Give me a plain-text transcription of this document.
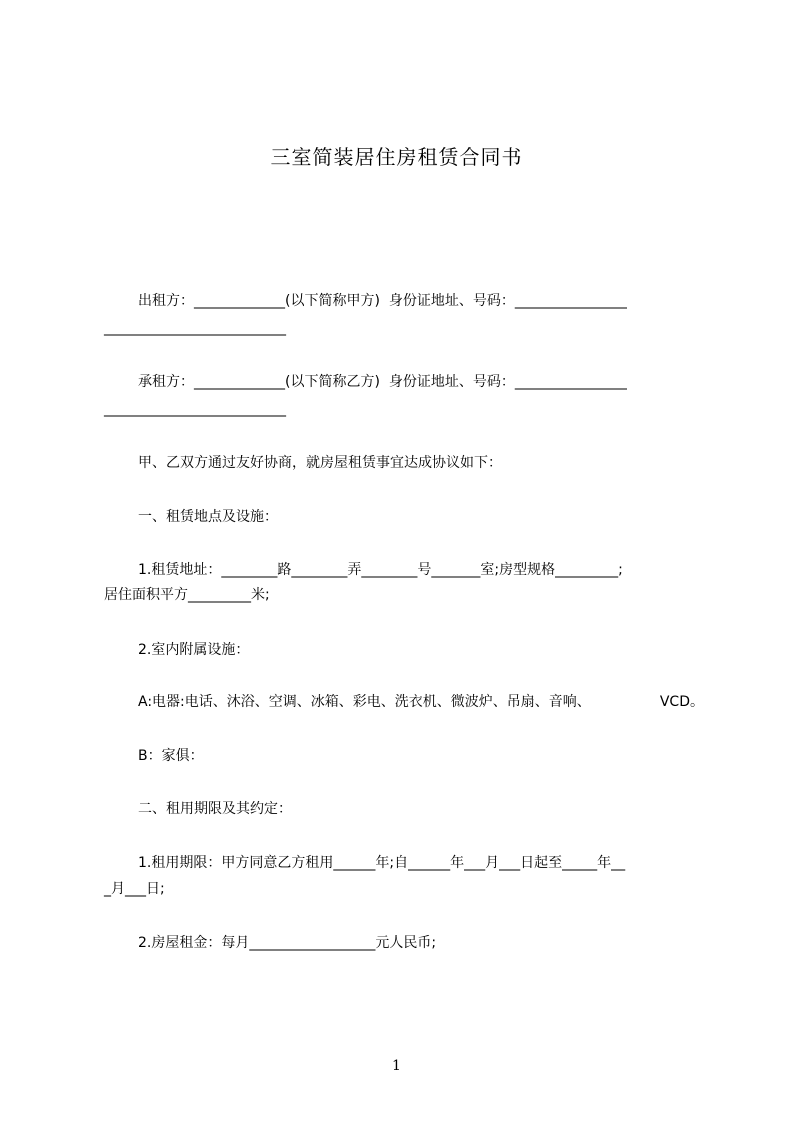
三室简装居住房租赁合同书
出租方：_____________(以下简称甲方)  身份证地址、号码：________________
__________________________
承租方：_____________(以下简称乙方)  身份证地址、号码：________________
__________________________
甲、乙双方通过友好协商，就房屋租赁事宜达成协议如下：
一、租赁地点及设施：
1.租赁地址：________路________弄________号_______室;房型规格_________;
居住面积平方_________米;
2.室内附属设施：
A:电器:电话、沐浴、空调、冰箱、彩电、洗衣机、微波炉、吊扇、音响、	VCD。
B：家俱：
二、租用期限及其约定：
1.租用期限：甲方同意乙方租用______年;自______年___月___日起至_____年__
_月___日;
2.房屋租金：每月__________________元人民币;
1
